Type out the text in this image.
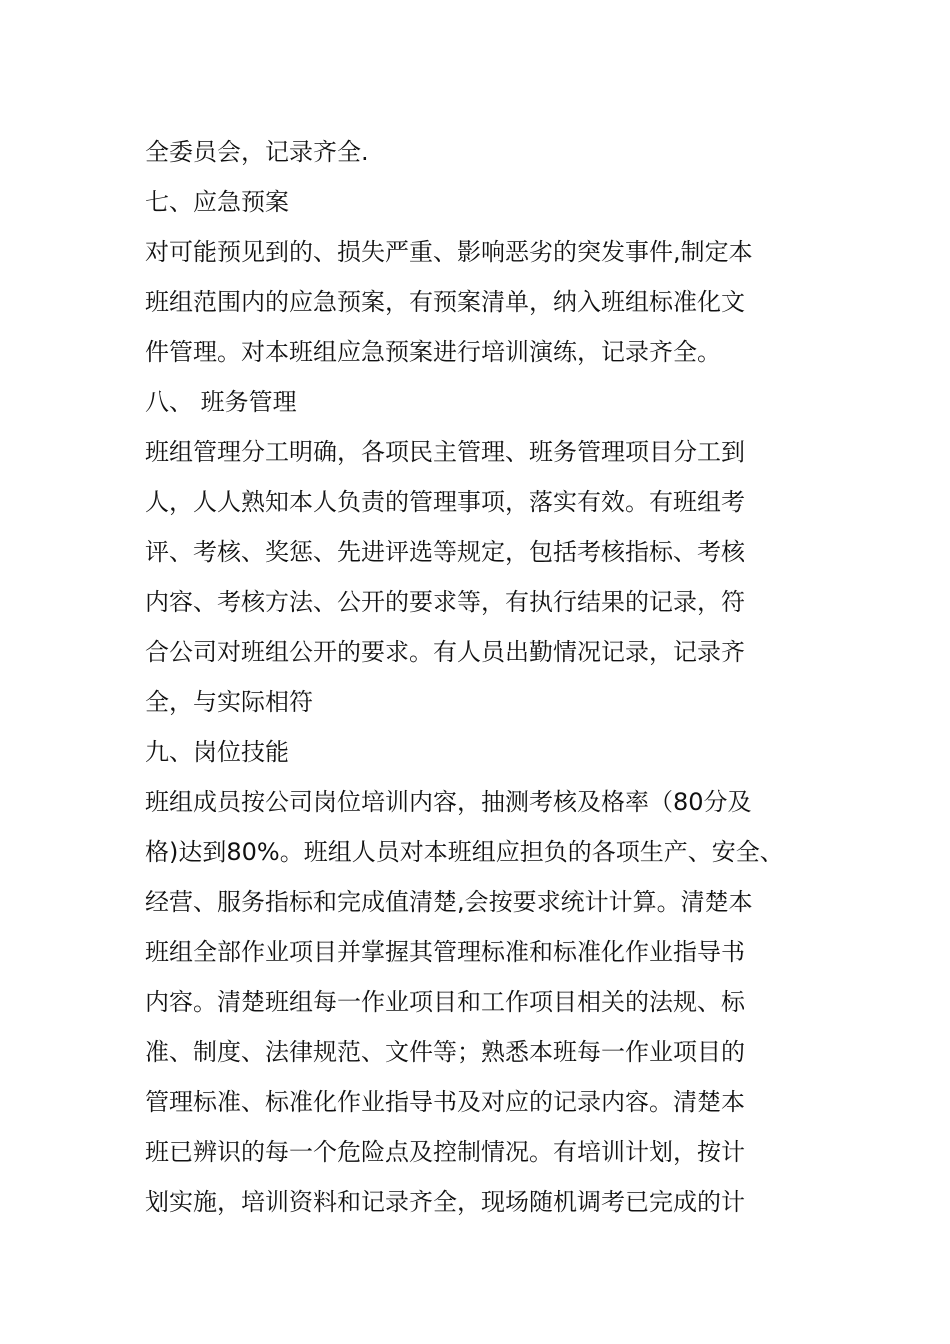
全委员会，记录齐全.
七、应急预案
对可能预见到的、损失严重、影响恶劣的突发事件,制定本
班组范围内的应急预案，有预案清单，纳入班组标准化文
件管理。对本班组应急预案进行培训演练，记录齐全。
八、 班务管理
班组管理分工明确，各项民主管理、班务管理项目分工到
人，人人熟知本人负责的管理事项，落实有效。有班组考
评、考核、奖惩、先进评选等规定，包括考核指标、考核
内容、考核方法、公开的要求等，有执行结果的记录，符
合公司对班组公开的要求。有人员出勤情况记录，记录齐
全，与实际相符
九、岗位技能
班组成员按公司岗位培训内容，抽测考核及格率（80分及
格)达到80%。班组人员对本班组应担负的各项生产、安全、
经营、服务指标和完成值清楚,会按要求统计计算。清楚本
班组全部作业项目并掌握其管理标准和标准化作业指导书
内容。清楚班组每一作业项目和工作项目相关的法规、标
准、制度、法律规范、文件等；熟悉本班每一作业项目的
管理标准、标准化作业指导书及对应的记录内容。清楚本
班已辨识的每一个危险点及控制情况。有培训计划，按计
划实施，培训资料和记录齐全，现场随机调考已完成的计
